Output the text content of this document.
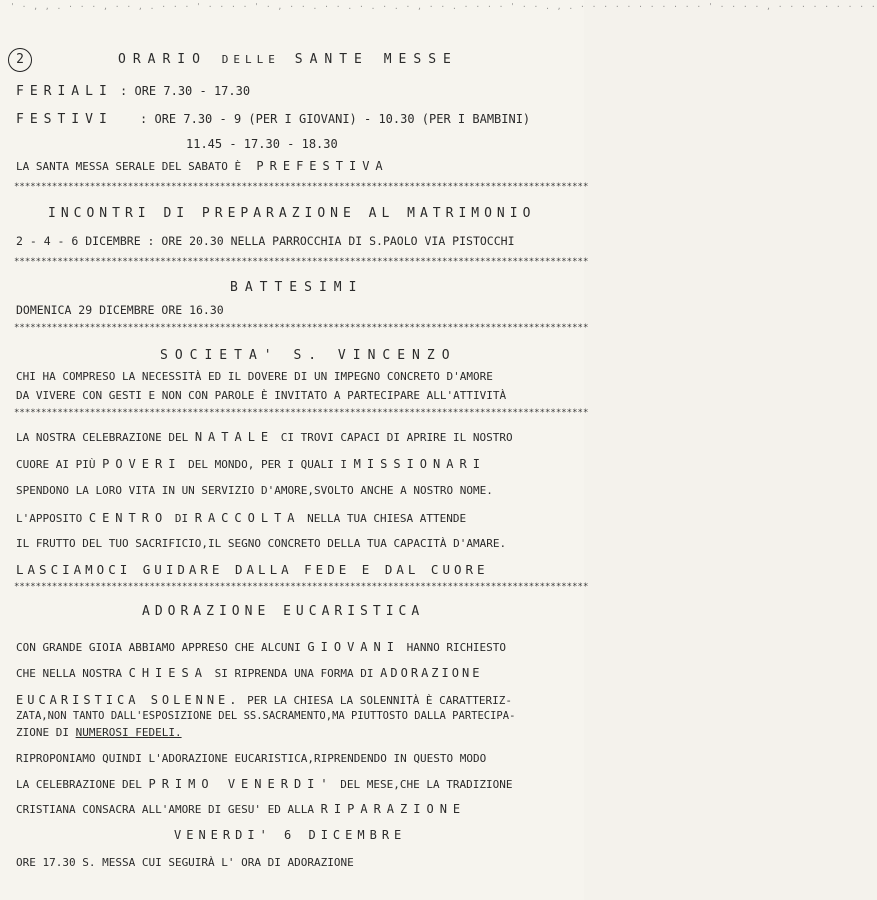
' · , , . · · · , · · , . · · · ' · · · · ' · , · · . · · . · . · . · , · · . · · · · ' · · . , . · · · · · · · · · · · ' · · · · , · · · · · · · · ·
2	ORARIO DELLE SANTE MESSE
FERIALI : ORE 7.30 - 17.30
FESTIVI : ORE 7.30 - 9 (PER I GIOVANI) - 10.30 (PER I BAMBINI)
11.45 - 17.30 - 18.30
LA SANTA MESSA SERALE DEL SABATO È PREFESTIVA
**********************************************************************************************************
INCONTRI DI PREPARAZIONE AL MATRIMONIO
2 - 4 - 6 DICEMBRE : ORE 20.30 NELLA PARROCCHIA DI S.PAOLO VIA PISTOCCHI
**********************************************************************************************************
BATTESIMI
DOMENICA 29 DICEMBRE ORE 16.30
**********************************************************************************************************
SOCIETA' S. VINCENZO
CHI HA COMPRESO LA NECESSITÀ ED IL DOVERE DI UN IMPEGNO CONCRETO D'AMORE
DA VIVERE CON GESTI E NON CON PAROLE È INVITATO A PARTECIPARE ALL'ATTIVITÀ
**********************************************************************************************************
LA NOSTRA CELEBRAZIONE DEL NATALE CI TROVI CAPACI DI APRIRE IL NOSTRO
CUORE AI PIÙ POVERI DEL MONDO, PER I QUALI I MISSIONARI
SPENDONO LA LORO VITA IN UN SERVIZIO D'AMORE,SVOLTO ANCHE A NOSTRO NOME.
L'APPOSITO CENTRO DI RACCOLTA NELLA TUA CHIESA ATTENDE
IL FRUTTO DEL TUO SACRIFICIO,IL SEGNO CONCRETO DELLA TUA CAPACITÀ D'AMARE.
LASCIAMOCI GUIDARE DALLA FEDE E DAL CUORE
**********************************************************************************************************
ADORAZIONE EUCARISTICA
CON GRANDE GIOIA ABBIAMO APPRESO CHE ALCUNI GIOVANI HANNO RICHIESTO
CHE NELLA NOSTRA CHIESA SI RIPRENDA UNA FORMA DI ADORAZIONE
EUCARISTICA SOLENNE. PER LA CHIESA LA SOLENNITÀ È CARATTERIZ-
ZATA,NON TANTO DALL'ESPOSIZIONE DEL SS.SACRAMENTO,MA PIUTTOSTO DALLA PARTECIPA-
ZIONE DI NUMEROSI FEDELI.
RIPROPONIAMO QUINDI L'ADORAZIONE EUCARISTICA,RIPRENDENDO IN QUESTO MODO
LA CELEBRAZIONE DEL PRIMO VENERDI' DEL MESE,CHE LA TRADIZIONE
CRISTIANA CONSACRA ALL'AMORE DI GESU' ED ALLA RIPARAZIONE
VENERDI' 6 DICEMBRE
ORE 17.30 S. MESSA CUI SEGUIRÀ L' ORA DI ADORAZIONE
